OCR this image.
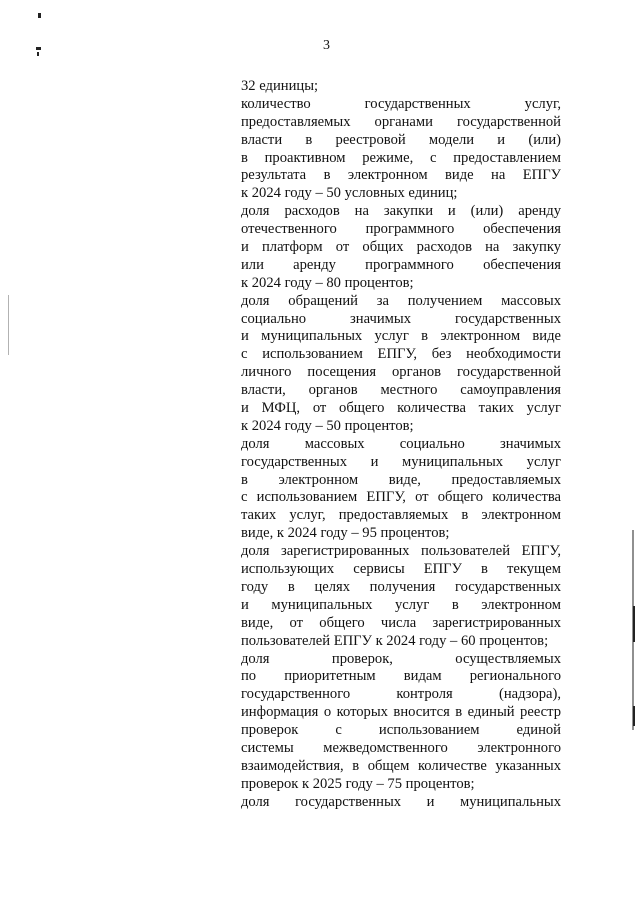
3
32 единицы;
количество государственных услуг,
предоставляемых органами государственной
власти в реестровой модели и (или)
в проактивном режиме, с предоставлением
результата в электронном виде на ЕПГУ
к 2024 году – 50 условных единиц;
доля расходов на закупки и (или) аренду
отечественного программного обеспечения
и платформ от общих расходов на закупку
или аренду программного обеспечения
к 2024 году – 80 процентов;
доля обращений за получением массовых
социально значимых государственных
и муниципальных услуг в электронном виде
с использованием ЕПГУ, без необходимости
личного посещения органов государственной
власти, органов местного самоуправления
и МФЦ, от общего количества таких услуг
к 2024 году – 50 процентов;
доля массовых социально значимых
государственных и муниципальных услуг
в электронном виде, предоставляемых
с использованием ЕПГУ, от общего количества
таких услуг, предоставляемых в электронном
виде, к 2024 году – 95 процентов;
доля зарегистрированных пользователей ЕПГУ,
использующих сервисы ЕПГУ в текущем
году в целях получения государственных
и муниципальных услуг в электронном
виде, от общего числа зарегистрированных
пользователей ЕПГУ к 2024 году – 60 процентов;
доля проверок, осуществляемых
по приоритетным видам регионального
государственного контроля (надзора),
информация о которых вносится в единый реестр
проверок с использованием единой
системы межведомственного электронного
взаимодействия, в общем количестве указанных
проверок к 2025 году – 75 процентов;
доля государственных и муниципальных
